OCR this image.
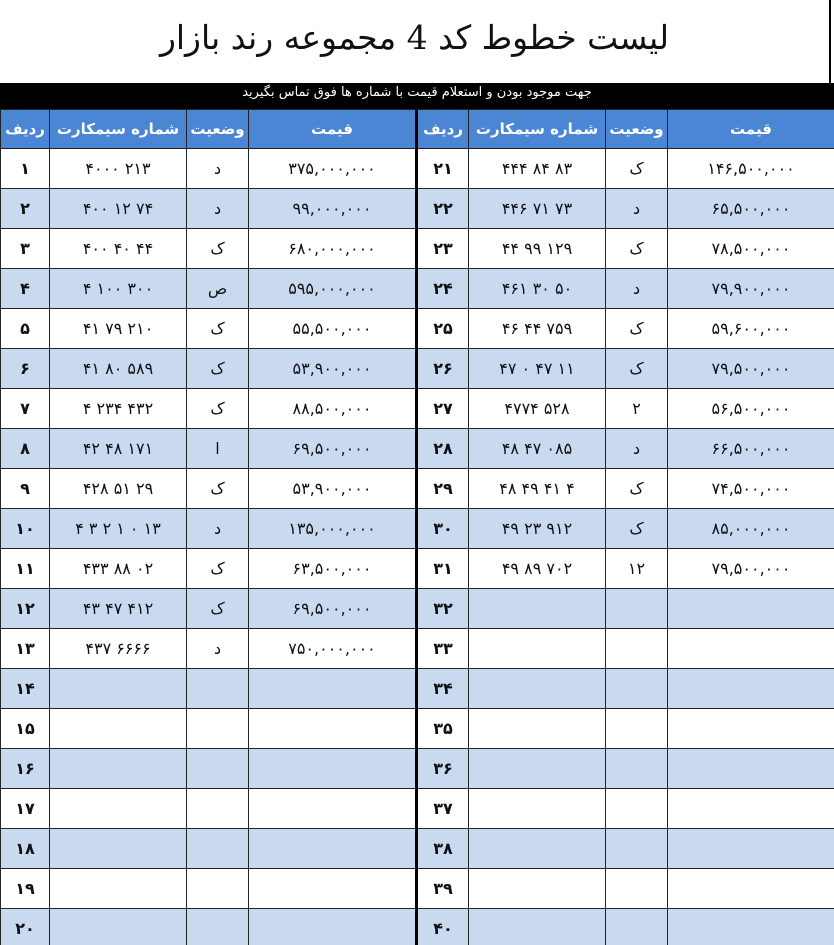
لیست خطوط کد 4 مجموعه رند بازار
جهت موجود بودن و استعلام قیمت با شماره ها فوق تماس بگیرید
ردیف	شماره سیمکارت	وضعیت	قیمت	ردیف	شماره سیمکارت	وضعیت	قیمت
۱	۴۰۰۰ ۲۱۳	د	۳۷۵,۰۰۰,۰۰۰	۲۱	۴۴۴ ۸۴ ۸۳	ک	۱۴۶,۵۰۰,۰۰۰
۲	۴۰۰ ۱۲ ۷۴	د	۹۹,۰۰۰,۰۰۰	۲۲	۴۴۶ ۷۱ ۷۳	د	۶۵,۵۰۰,۰۰۰
۳	۴۰۰ ۴۰ ۴۴	ک	۶۸۰,۰۰۰,۰۰۰	۲۳	۴۴ ۹۹ ۱۲۹	ک	۷۸,۵۰۰,۰۰۰
۴	۴ ۱۰۰ ۳۰۰	ص	۵۹۵,۰۰۰,۰۰۰	۲۴	۴۶۱ ۳۰ ۵۰	د	۷۹,۹۰۰,۰۰۰
۵	۴۱ ۷۹ ۲۱۰	ک	۵۵,۵۰۰,۰۰۰	۲۵	۴۶ ۴۴ ۷۵۹	ک	۵۹,۶۰۰,۰۰۰
۶	۴۱ ۸۰ ۵۸۹	ک	۵۳,۹۰۰,۰۰۰	۲۶	۴۷ ۰ ۴۷ ۱۱	ک	۷۹,۵۰۰,۰۰۰
۷	۴ ۲۳۴ ۴۳۲	ک	۸۸,۵۰۰,۰۰۰	۲۷	۴۷۷۴ ۵۲۸	۲	۵۶,۵۰۰,۰۰۰
۸	۴۲ ۴۸ ۱۷۱	ا	۶۹,۵۰۰,۰۰۰	۲۸	۴۸ ۴۷ ۰۸۵	د	۶۶,۵۰۰,۰۰۰
۹	۴۲۸ ۵۱ ۲۹	ک	۵۳,۹۰۰,۰۰۰	۲۹	۴۸ ۴۹ ۴۱ ۴	ک	۷۴,۵۰۰,۰۰۰
۱۰	۴ ۳ ۲ ۱ ۰ ۱۳	د	۱۳۵,۰۰۰,۰۰۰	۳۰	۴۹ ۲۳ ۹۱۲	ک	۸۵,۰۰۰,۰۰۰
۱۱	۴۳۳ ۸۸ ۰۲	ک	۶۳,۵۰۰,۰۰۰	۳۱	۴۹ ۸۹ ۷۰۲	۱۲	۷۹,۵۰۰,۰۰۰
۱۲	۴۳ ۴۷ ۴۱۲	ک	۶۹,۵۰۰,۰۰۰	۳۲			
۱۳	۴۳۷ ۶۶۶۶	د	۷۵۰,۰۰۰,۰۰۰	۳۳			
۱۴				۳۴			
۱۵				۳۵			
۱۶				۳۶			
۱۷				۳۷			
۱۸				۳۸			
۱۹				۳۹			
۲۰				۴۰			
